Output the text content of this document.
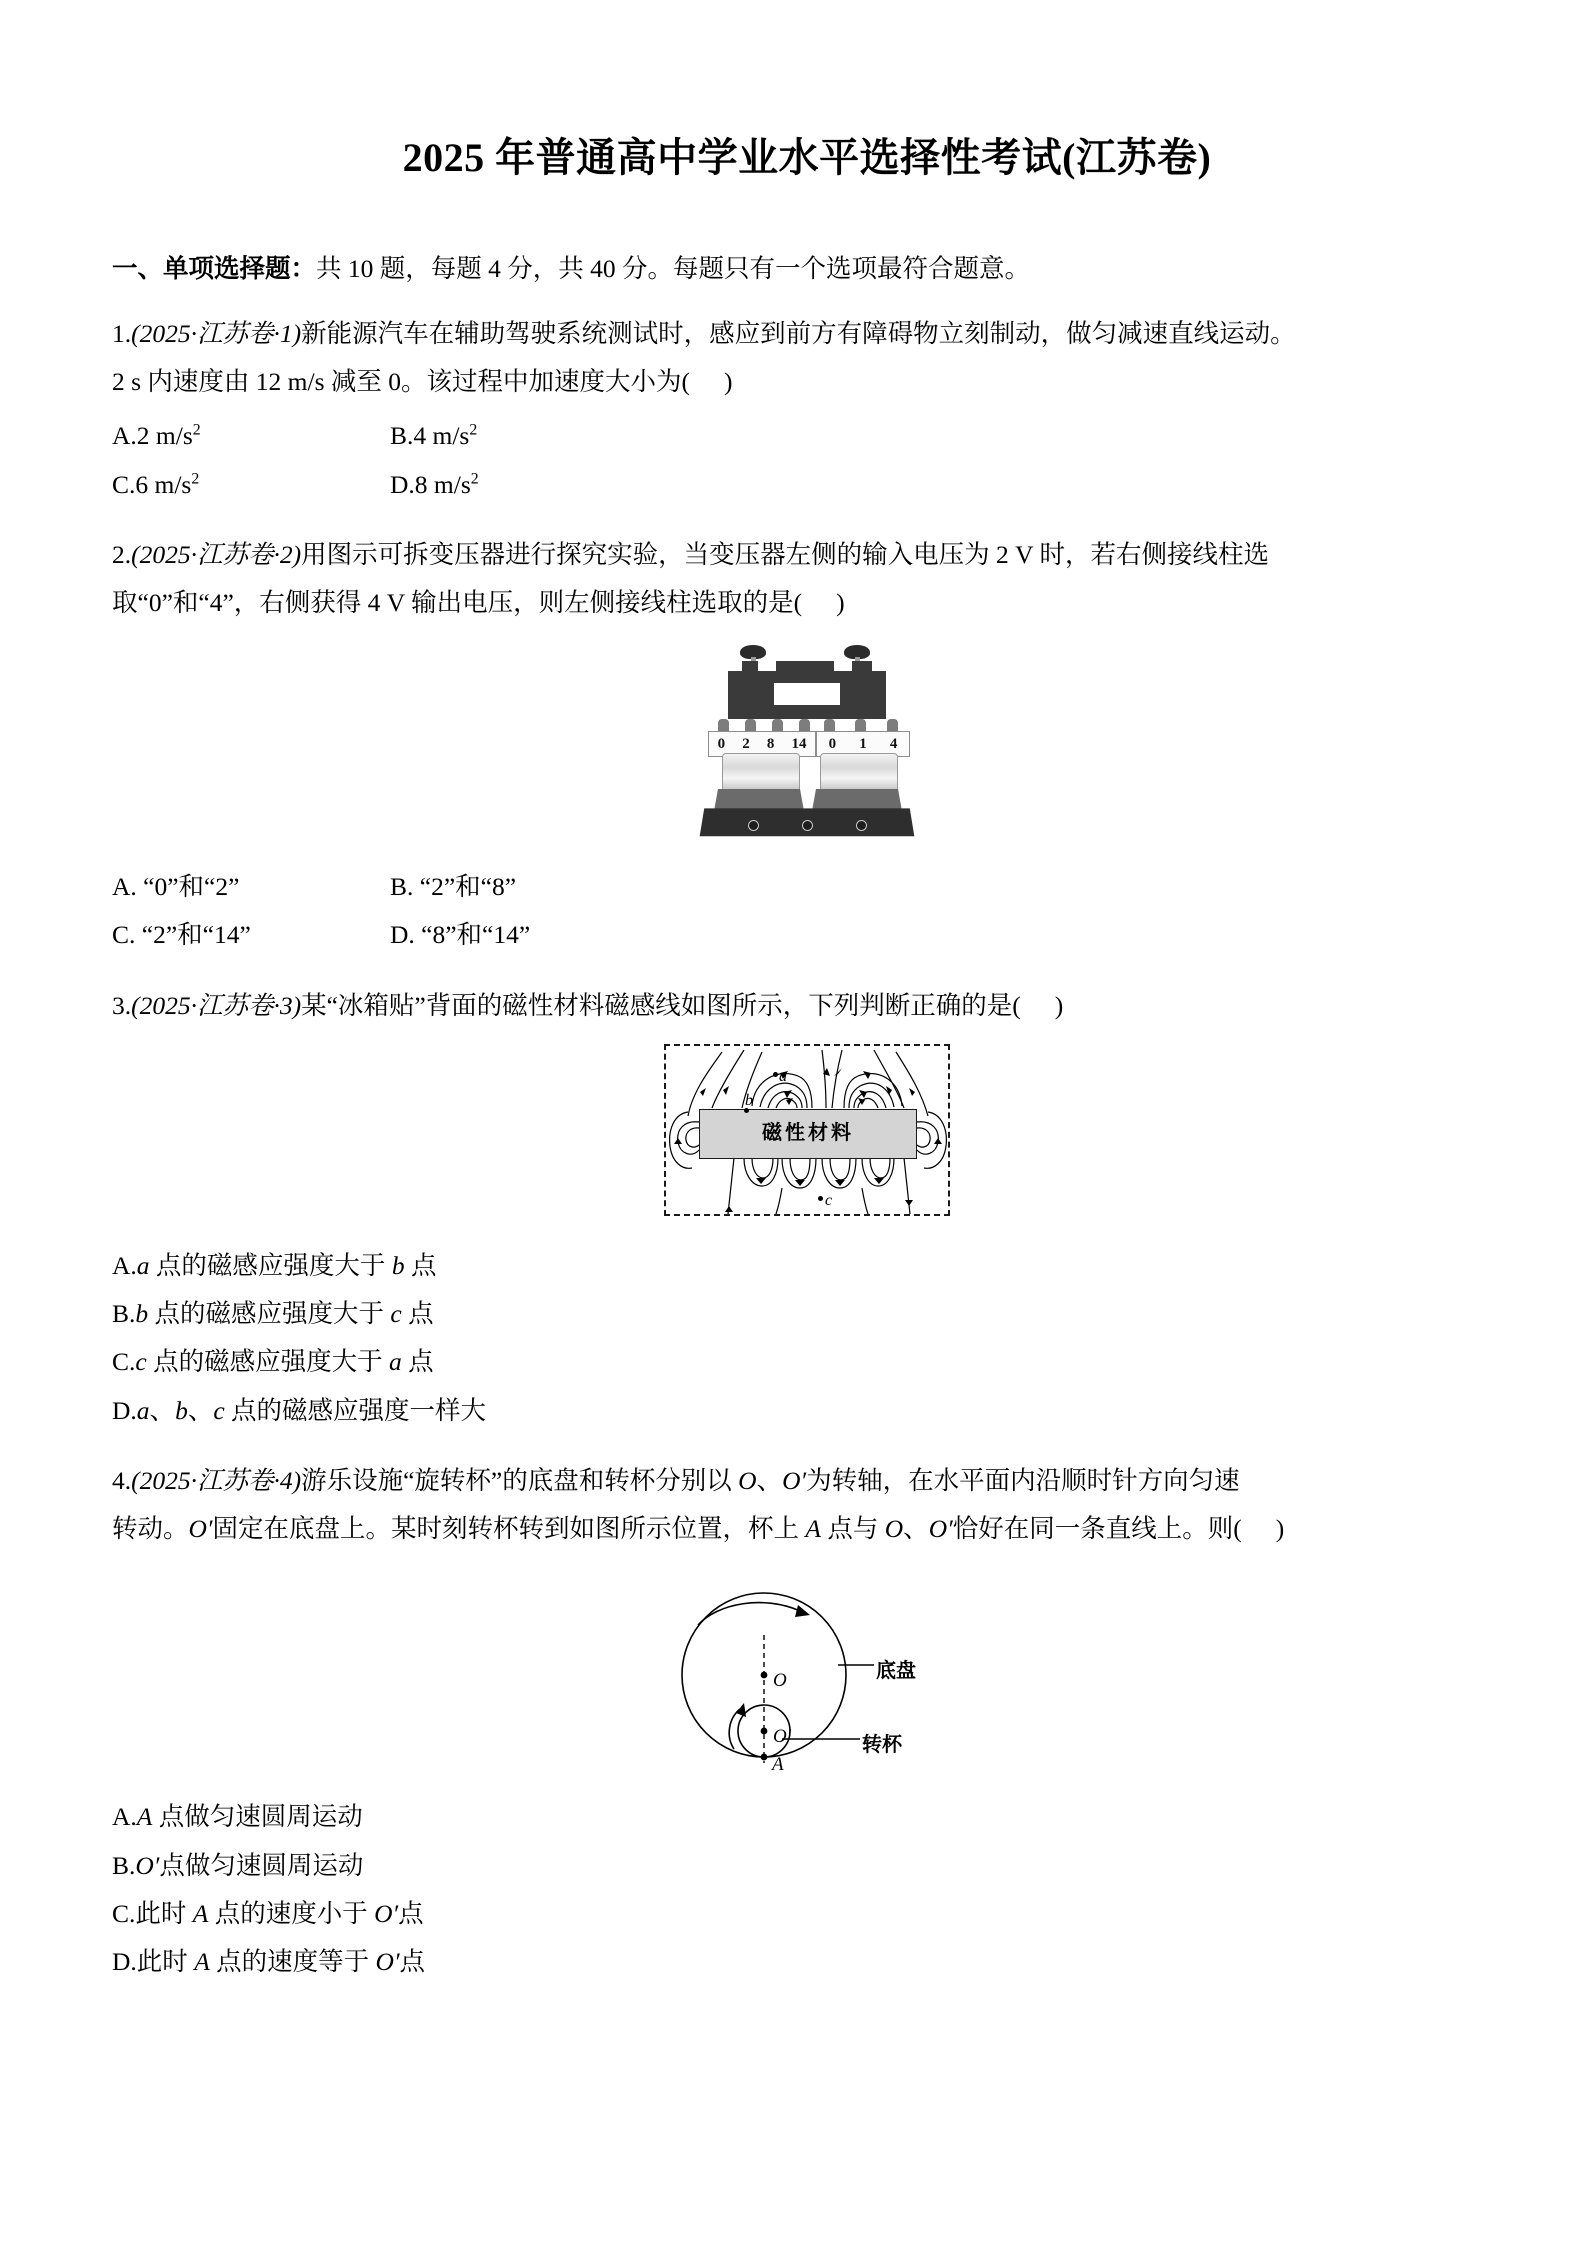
2025 年普通高中学业水平选择性考试(江苏卷)
一、单项选择题：共 10 题，每题 4 分，共 40 分。每题只有一个选项最符合题意。
1.(2025·江苏卷·1)新能源汽车在辅助驾驶系统测试时，感应到前方有障碍物立刻制动，做匀减速直线运动。
2 s 内速度由 12 m/s 减至 0。该过程中加速度大小为( )
A.2 $m/s^2$	B.4 $m/s^2$
C.6 $m/s^2$	D.8 $m/s^2$
2.(2025·江苏卷·2)用图示可拆变压器进行探究实验，当变压器左侧的输入电压为 2 V 时，若右侧接线柱选
取“0”和“4”，右侧获得 4 V 输出电压，则左侧接线柱选取的是( )
0 2 8 14 0 1 4
A. “0”和“2”	B. “2”和“8”
C. “2”和“14”	D. “8”和“14”
3.(2025·江苏卷·3)某“冰箱贴”背面的磁性材料磁感线如图所示，下列判断正确的是( )
磁性材料
a
b
c
A.a 点的磁感应强度大于 b 点
B.b 点的磁感应强度大于 c 点
C.c 点的磁感应强度大于 a 点
D.a、b、c 点的磁感应强度一样大
4.(2025·江苏卷·4)游乐设施“旋转杯”的底盘和转杯分别以 O、O′为转轴，在水平面内沿顺时针方向匀速
转动。O′固定在底盘上。某时刻转杯转到如图所示位置，杯上 A 点与 O、O′恰好在同一条直线上。则( )
O
O′
A
底盘
转杯
A.A 点做匀速圆周运动
B.O′点做匀速圆周运动
C.此时 A 点的速度小于 O′点
D.此时 A 点的速度等于 O′点
